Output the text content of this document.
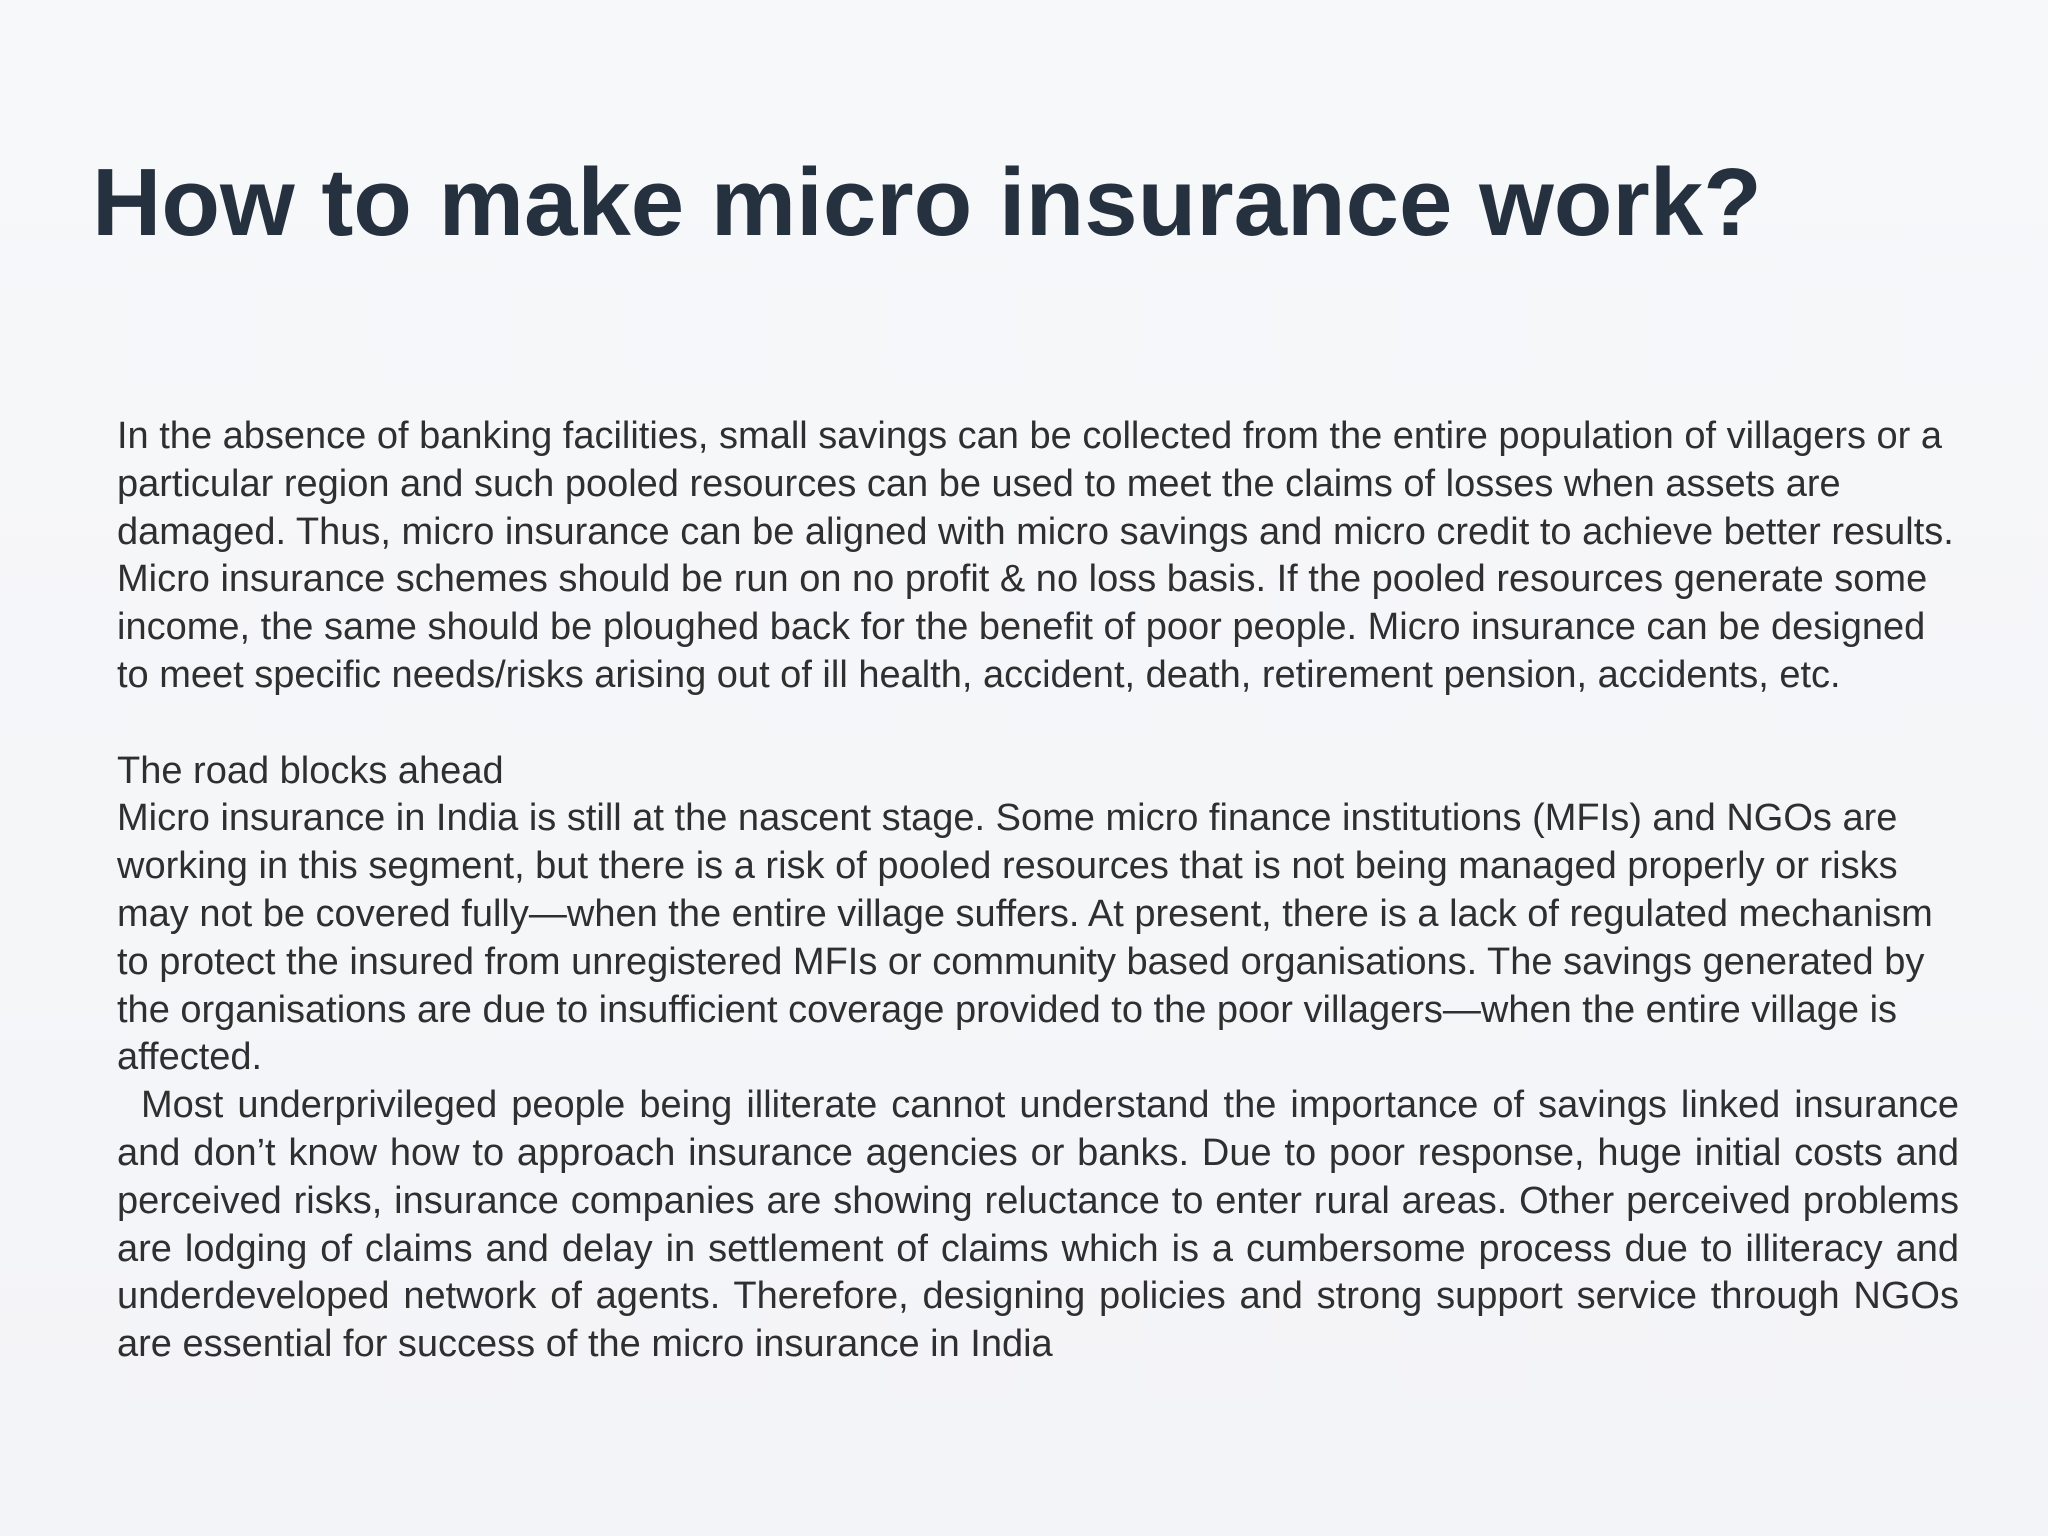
How to make micro insurance work?

In the absence of banking facilities, small savings can be collected from the entire population of villagers or a particular region and such pooled resources can be used to meet the claims of losses when assets are damaged. Thus, micro insurance can be aligned with micro savings and micro credit to achieve better results. Micro insurance schemes should be run on no profit & no loss basis. If the pooled resources generate some income, the same should be ploughed back for the benefit of poor people. Micro insurance can be designed to meet specific needs/risks arising out of ill health, accident, death, retirement pension, accidents, etc.

The road blocks ahead

Micro insurance in India is still at the nascent stage. Some micro finance institutions (MFIs) and NGOs are working in this segment, but there is a risk of pooled resources that is not being managed properly or risks may not be covered fully—when the entire village suffers. At present, there is a lack of regulated mechanism to protect the insured from unregistered MFIs or community based organisations. The savings generated by the organisations are due to insufficient coverage provided to the poor villagers—when the entire village is affected.

Most underprivileged people being illiterate cannot understand the importance of savings linked insurance and don’t know how to approach insurance agencies or banks. Due to poor response, huge initial costs and perceived risks, insurance companies are showing reluctance to enter rural areas. Other perceived problems are lodging of claims and delay in settlement of claims which is a cumbersome process due to illiteracy and underdeveloped network of agents. Therefore, designing policies and strong support service through NGOs are essential for success of the micro insurance in India
